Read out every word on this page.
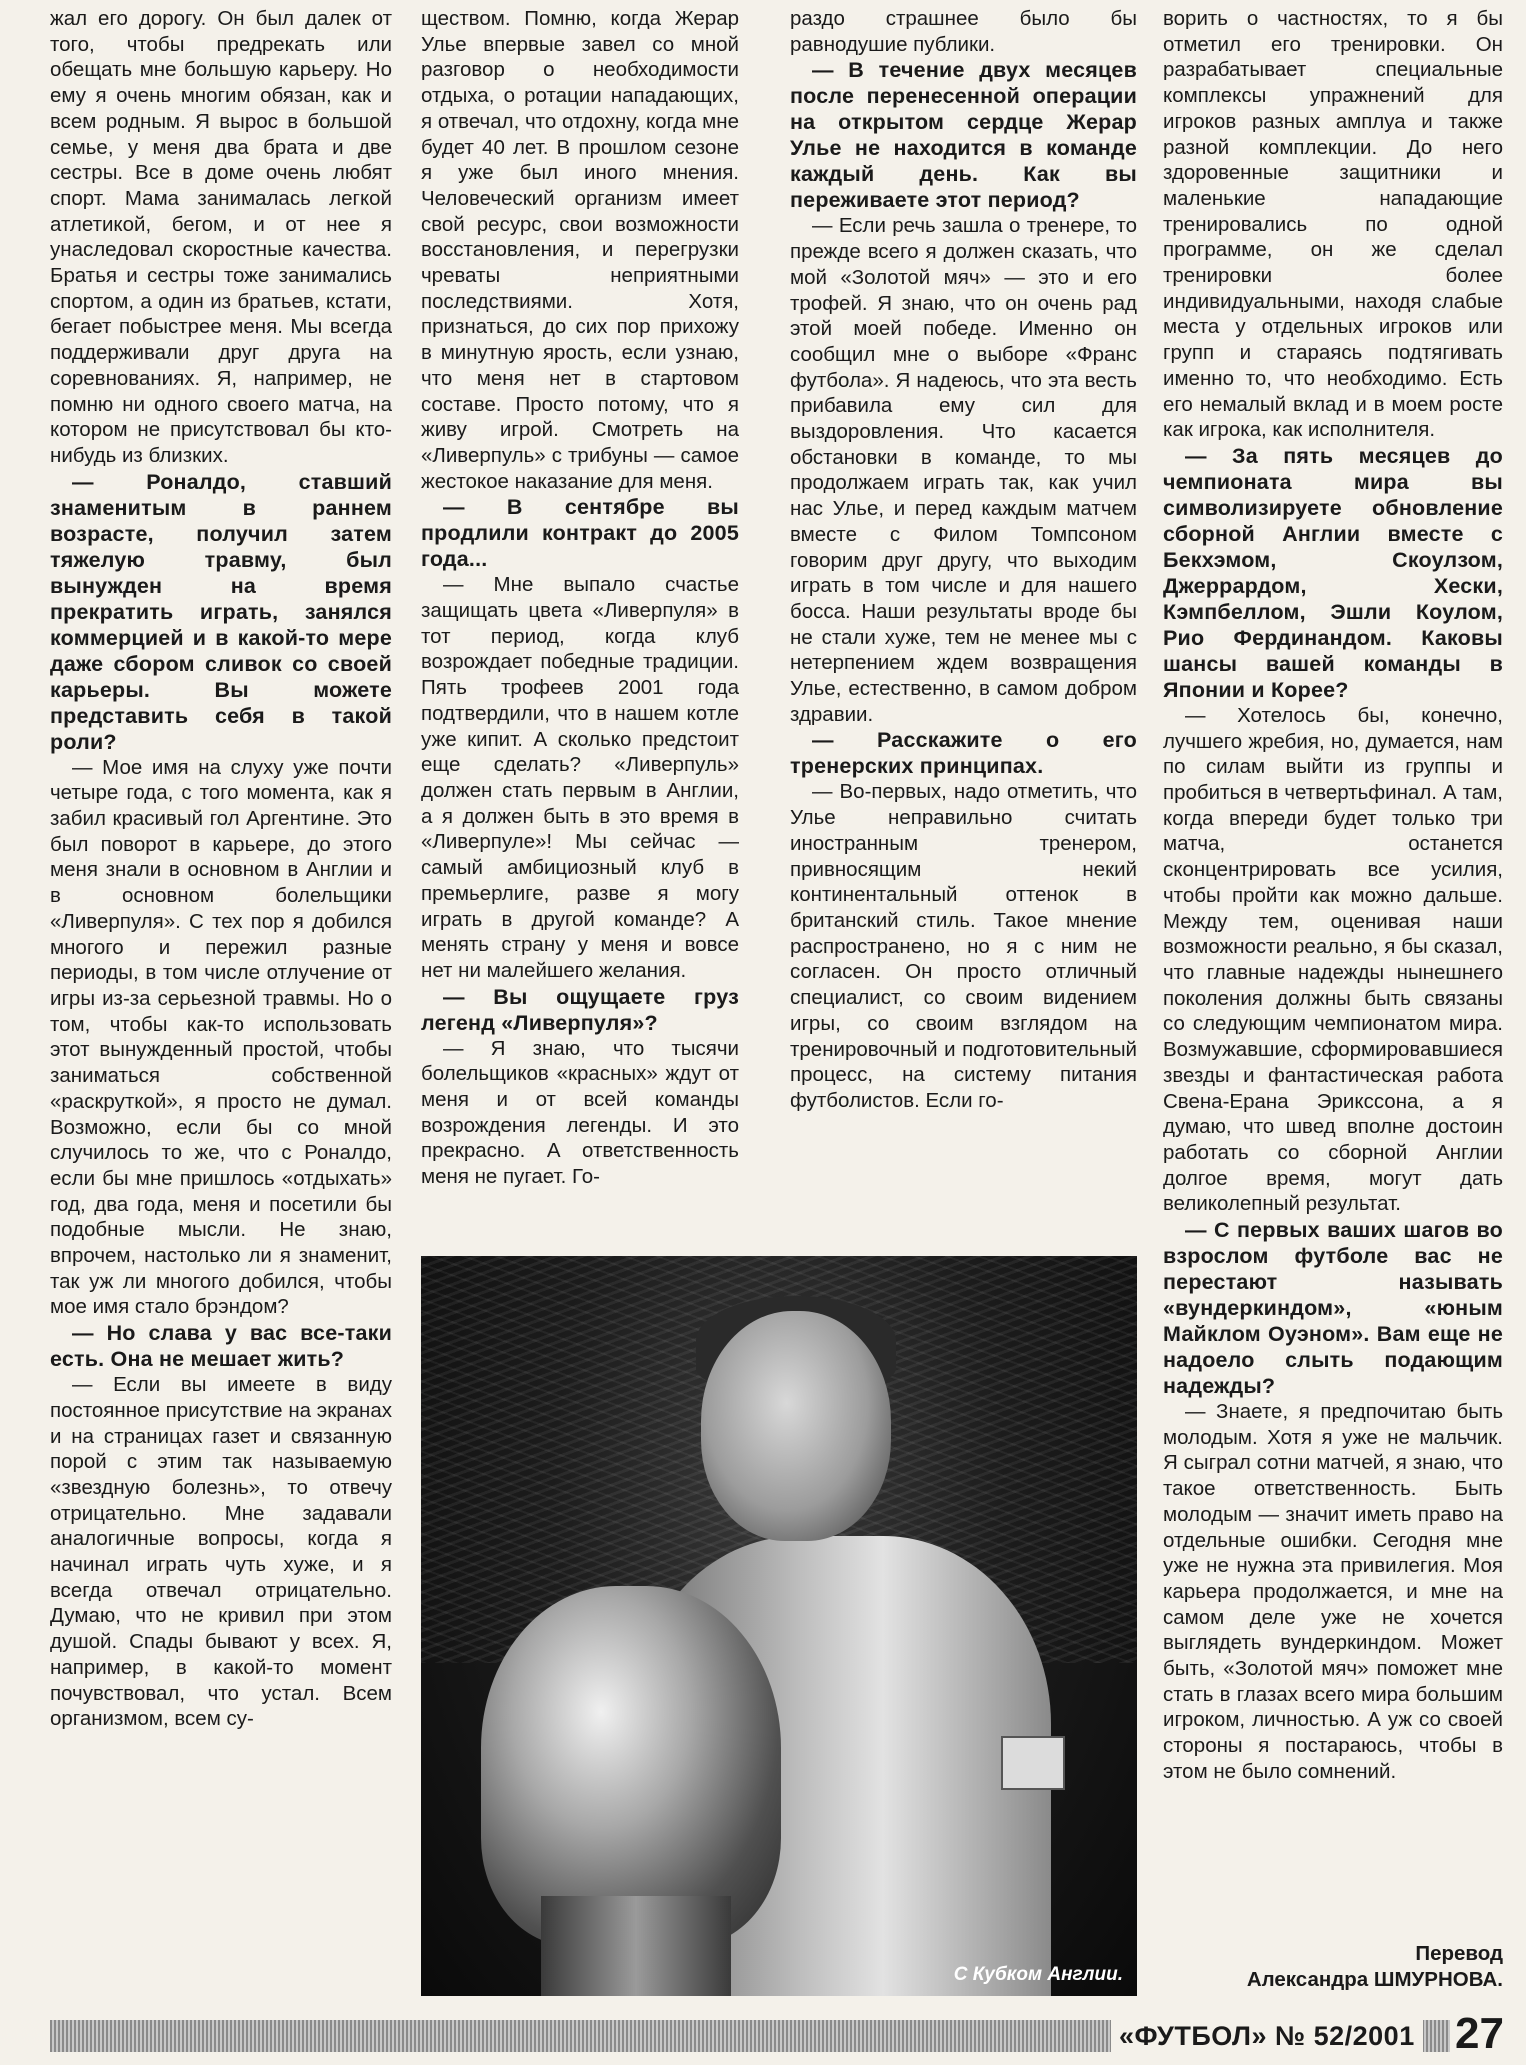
жал его дорогу. Он был далек от того, чтобы предрекать или обещать мне большую карьеру. Но ему я очень многим обязан, как и всем родным. Я вырос в большой семье, у меня два брата и две сестры. Все в доме очень любят спорт. Мама занималась легкой атлетикой, бегом, и от нее я унаследовал скоростные качества. Братья и сестры тоже занимались спортом, а один из братьев, кстати, бегает побыстрее меня. Мы всегда поддерживали друг друга на соревнованиях. Я, например, не помню ни одного своего матча, на котором не присутствовал бы кто-нибудь из близких.

— Роналдо, ставший знаменитым в раннем возрасте, получил затем тяжелую травму, был вынужден на время прекратить играть, занялся коммерцией и в какой-то мере даже сбором сливок со своей карьеры. Вы можете представить себя в такой роли?

— Мое имя на слуху уже почти четыре года, с того момента, как я забил красивый гол Аргентине. Это был поворот в карьере, до этого меня знали в основном в Англии и в основном болельщики «Ливерпуля». С тех пор я добился многого и пережил разные периоды, в том числе отлучение от игры из-за серьезной травмы. Но о том, чтобы как-то использовать этот вынужденный простой, чтобы заниматься собственной «раскруткой», я просто не думал. Возможно, если бы со мной случилось то же, что с Роналдо, если бы мне пришлось «отдыхать» год, два года, меня и посетили бы подобные мысли. Не знаю, впрочем, настолько ли я знаменит, так уж ли многого добился, чтобы мое имя стало брэндом?

— Но слава у вас все-таки есть. Она не мешает жить?

— Если вы имеете в виду постоянное присутствие на экранах и на страницах газет и связанную порой с этим так называемую «звездную болезнь», то отвечу отрицательно. Мне задавали аналогичные вопросы, когда я начинал играть чуть хуже, и я всегда отвечал отрицательно. Думаю, что не кривил при этом душой. Спады бывают у всех. Я, например, в какой-то момент почувствовал, что устал. Всем организмом, всем су-

ществом. Помню, когда Жерар Улье впервые завел со мной разговор о необходимости отдыха, о ротации нападающих, я отвечал, что отдохну, когда мне будет 40 лет. В прошлом сезоне я уже был иного мнения. Человеческий организм имеет свой ресурс, свои возможности восстановления, и перегрузки чреваты неприятными последствиями. Хотя, признаться, до сих пор прихожу в минутную ярость, если узнаю, что меня нет в стартовом составе. Просто потому, что я живу игрой. Смотреть на «Ливерпуль» с трибуны — самое жестокое наказание для меня.

— В сентябре вы продлили контракт до 2005 года...

— Мне выпало счастье защищать цвета «Ливерпуля» в тот период, когда клуб возрождает победные традиции. Пять трофеев 2001 года подтвердили, что в нашем котле уже кипит. А сколько предстоит еще сделать? «Ливерпуль» должен стать первым в Англии, а я должен быть в это время в «Ливерпуле»! Мы сейчас — самый амбициозный клуб в премьерлиге, разве я могу играть в другой команде? А менять страну у меня и вовсе нет ни малейшего желания.

— Вы ощущаете груз легенд «Ливерпуля»?

— Я знаю, что тысячи болельщиков «красных» ждут от меня и от всей команды возрождения легенды. И это прекрасно. А ответственность меня не пугает. Го-

раздо страшнее было бы равнодушие публики.

— В течение двух месяцев после перенесенной операции на открытом сердце Жерар Улье не находится в команде каждый день. Как вы переживаете этот период?

— Если речь зашла о тренере, то прежде всего я должен сказать, что мой «Золотой мяч» — это и его трофей. Я знаю, что он очень рад этой моей победе. Именно он сообщил мне о выборе «Франс футбола». Я надеюсь, что эта весть прибавила ему сил для выздоровления. Что касается обстановки в команде, то мы продолжаем играть так, как учил нас Улье, и перед каждым матчем вместе с Филом Томпсоном говорим друг другу, что выходим играть в том числе и для нашего босса. Наши результаты вроде бы не стали хуже, тем не менее мы с нетерпением ждем возвращения Улье, естественно, в самом добром здравии.

— Расскажите о его тренерских принципах.

— Во-первых, надо отметить, что Улье неправильно считать иностранным тренером, привносящим некий континентальный оттенок в британский стиль. Такое мнение распространено, но я с ним не согласен. Он просто отличный специалист, со своим видением игры, со своим взглядом на тренировочный и подготовительный процесс, на систему питания футболистов. Если го-

ворить о частностях, то я бы отметил его тренировки. Он разрабатывает специальные комплексы упражнений для игроков разных амплуа и также разной комплекции. До него здоровенные защитники и маленькие нападающие тренировались по одной программе, он же сделал тренировки более индивидуальными, находя слабые места у отдельных игроков или групп и стараясь подтягивать именно то, что необходимо. Есть его немалый вклад и в моем росте как игрока, как исполнителя.

— За пять месяцев до чемпионата мира вы символизируете обновление сборной Англии вместе с Бекхэмом, Скоулзом, Джеррардом, Хески, Кэмпбеллом, Эшли Коулом, Рио Фердинандом. Каковы шансы вашей команды в Японии и Корее?

— Хотелось бы, конечно, лучшего жребия, но, думается, нам по силам выйти из группы и пробиться в четвертьфинал. А там, когда впереди будет только три матча, останется сконцентрировать все усилия, чтобы пройти как можно дальше. Между тем, оценивая наши возможности реально, я бы сказал, что главные надежды нынешнего поколения должны быть связаны со следующим чемпионатом мира. Возмужавшие, сформировавшиеся звезды и фантастическая работа Свена-Ерана Эрикссона, а я думаю, что швед вполне достоин работать со сборной Англии долгое время, могут дать великолепный результат.

— С первых ваших шагов во взрослом футболе вас не перестают называть «вундеркиндом», «юным Майклом Оуэном». Вам еще не надоело слыть подающим надежды?

— Знаете, я предпочитаю быть молодым. Хотя я уже не мальчик. Я сыграл сотни матчей, я знаю, что такое ответственность. Быть молодым — значит иметь право на отдельные ошибки. Сегодня мне уже не нужна эта привилегия. Моя карьера продолжается, и мне на самом деле уже не хочется выглядеть вундеркиндом. Может быть, «Золотой мяч» поможет мне стать в глазах всего мира большим игроком, личностью. А уж со своей стороны я постараюсь, чтобы в этом не было сомнений.

С Кубком Англии.
Перевод
Александра ШМУРНОВА.
«ФУТБОЛ» № 52/2001 27
